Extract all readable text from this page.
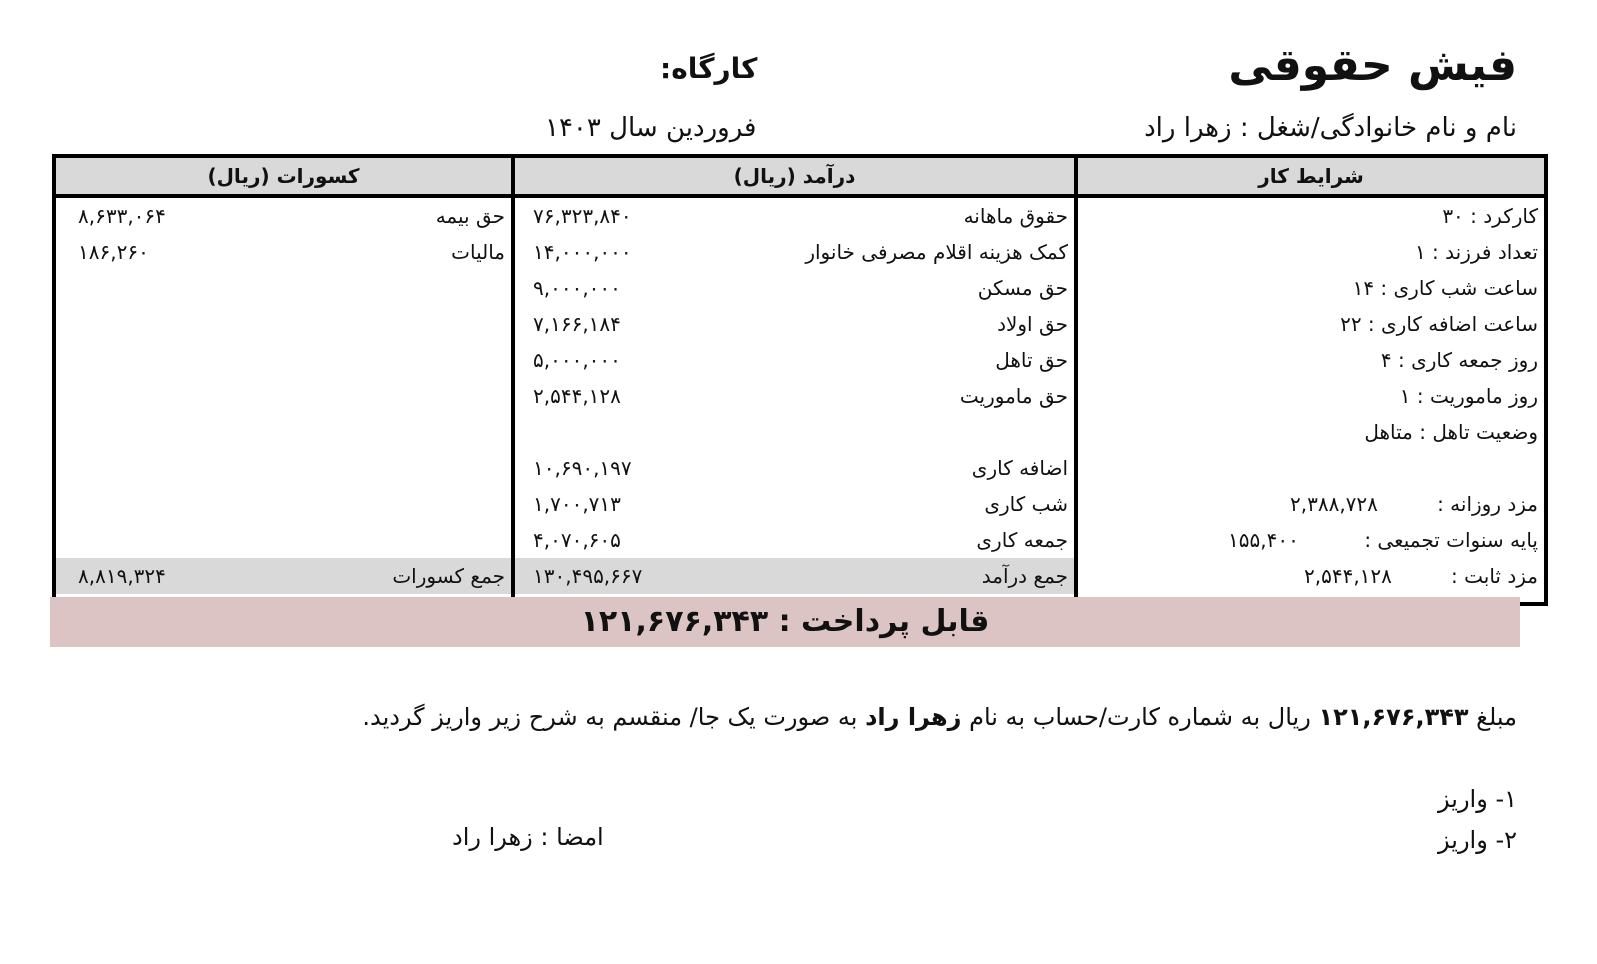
فیش حقوقی
کارگاه:
نام و نام خانوادگی/شغل : زهرا راد
فروردین سال ۱۴۰۳
کسورات (ریال)
حق بیمه
۸,۶۳۳,۰۶۴
مالیات
۱۸۶,۲۶۰
جمع کسورات
۸,۸۱۹,۳۲۴
درآمد (ریال)
حقوق ماهانه
۷۶,۳۲۳,۸۴۰
کمک هزینه اقلام مصرفی خانوار
۱۴,۰۰۰,۰۰۰
حق مسکن
۹,۰۰۰,۰۰۰
حق اولاد
۷,۱۶۶,۱۸۴
حق تاهل
۵,۰۰۰,۰۰۰
حق ماموریت
۲,۵۴۴,۱۲۸
اضافه کاری
۱۰,۶۹۰,۱۹۷
شب کاری
۱,۷۰۰,۷۱۳
جمعه کاری
۴,۰۷۰,۶۰۵
جمع درآمد
۱۳۰,۴۹۵,۶۶۷
شرایط کار
کارکرد : ۳۰
تعداد فرزند : ۱
ساعت شب کاری : ۱۴
ساعت اضافه کاری : ۲۲
روز جمعه کاری : ۴
روز ماموریت : ۱
وضعیت تاهل : متاهل
مزد روزانه :
۲,۳۸۸,۷۲۸
پایه سنوات تجمیعی :
۱۵۵,۴۰۰
مزد ثابت :
۲,۵۴۴,۱۲۸
قابل پرداخت : ۱۲۱,۶۷۶,۳۴۳
مبلغ ۱۲۱,۶۷۶,۳۴۳ ریال به شماره کارت/حساب به نام زهرا راد به صورت یک جا/ منقسم به شرح زیر واریز گردید.
۱- واریز
۲- واریز
امضا : زهرا راد
